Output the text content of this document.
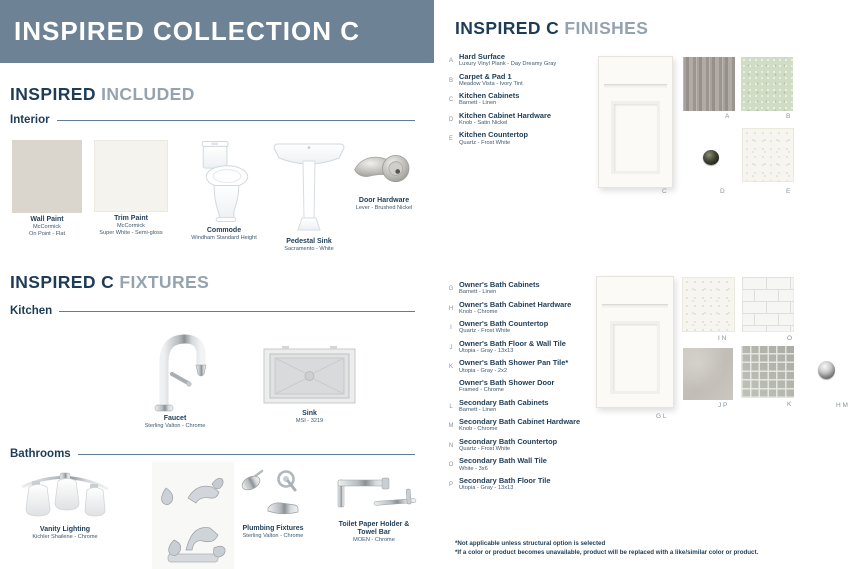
INSPIRED COLLECTION C
INSPIRED INCLUDED
Interior
Wall Paint
McCormick
On Point - Flat
Trim Paint
McCormick
Super White - Semi-gloss	Commode
Windham Standard Height	Pedestal Sink
Sacramento - White
Door Hardware
Lever - Brushed Nickel
INSPIRED C FIXTURES
Kitchen
Faucet
Sterling Valton - Chrome
Sink
MSI - 3219
Bathrooms
Vanity Lighting
Kichler Shailene - Chrome
Plumbing Fixtures
Sterling Valton - Chrome
Toilet Paper Holder & Towel Bar
MOEN - Chrome
INSPIRED C FINISHES
A Hard Surface
Luxury Vinyl Plank - Day Dreamy Gray
B Carpet & Pad 1
Meadow Vista - Ivory Tint
C Kitchen Cabinets
Barnett - Linen
D Kitchen Cabinet Hardware
Knob - Satin Nickel
E Kitchen Countertop
Quartz - Frost White
G Owner's Bath Cabinets
Barnett - Linen
H Owner's Bath Cabinet Hardware
Knob - Chrome
I Owner's Bath Countertop
Quartz - Frost White
J Owner's Bath Floor & Wall Tile
Utopia - Gray - 13x13
K Owner's Bath Shower Pan Tile*
Utopia - Gray - 2x2
Owner's Bath Shower Door
Framed - Chrome
L Secondary Bath Cabinets
Barnett - Linen
M Secondary Bath Cabinet Hardware
Knob - Chrome
N Secondary Bath Countertop
Quartz - Frost White
O Secondary Bath Wall Tile
White - 3x6
P Secondary Bath Floor Tile
Utopia - Gray - 13x13
C
A	B
D	E
G L
I N	O
J P	K	H M
*Not applicable unless structural option is selected
*If a color or product becomes unavailable, product will be replaced with a like/similar color or product.
